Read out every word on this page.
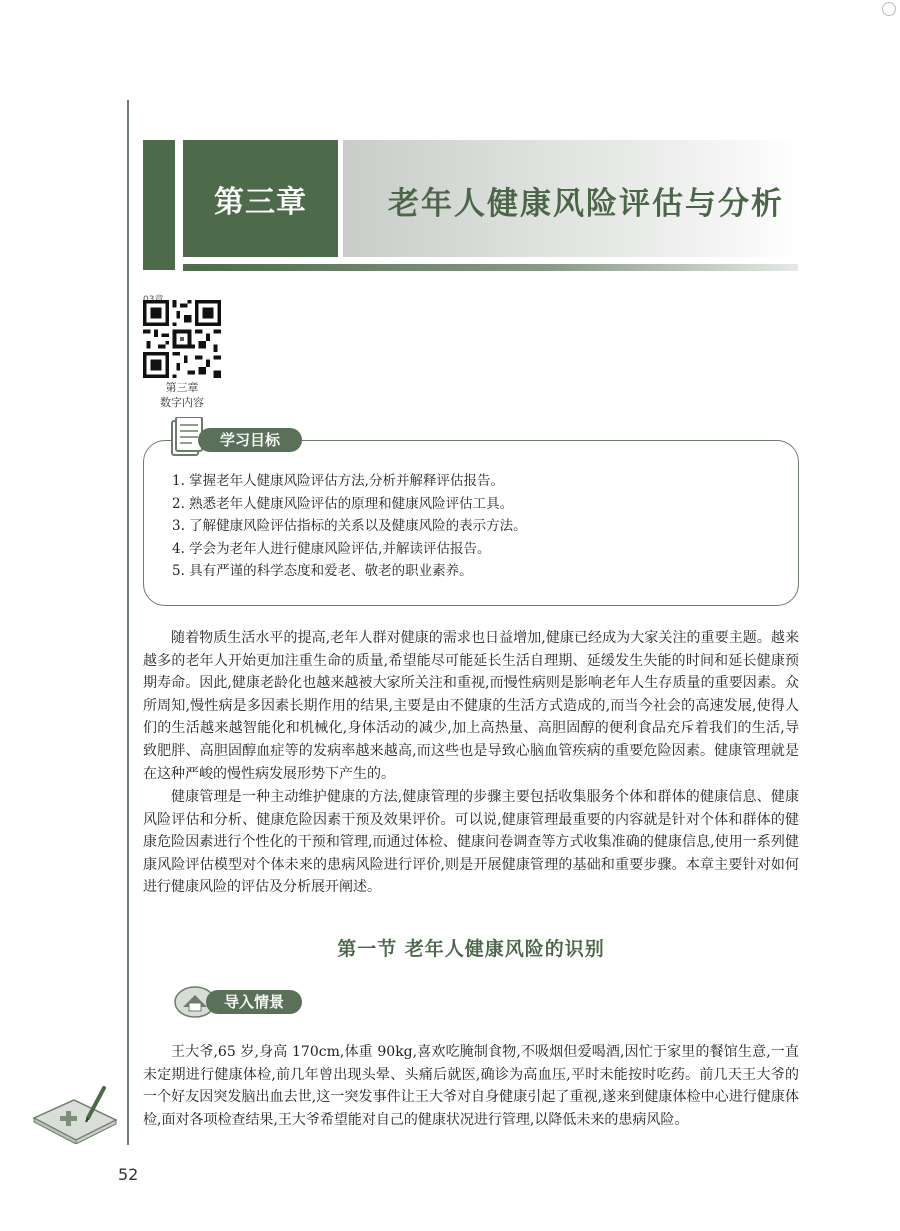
第三章	老年人健康风险评估与分析
第三章
数字内容
学习目标
1. 掌握老年人健康风险评估方法,分析并解释评估报告。
2. 熟悉老年人健康风险评估的原理和健康风险评估工具。
3. 了解健康风险评估指标的关系以及健康风险的表示方法。
4. 学会为老年人进行健康风险评估,并解读评估报告。
5. 具有严谨的科学态度和爱老、敬老的职业素养。

随着物质生活水平的提高,老年人群对健康的需求也日益增加,健康已经成为大家关注的重要主题。越来越多的老年人开始更加注重生命的质量,希望能尽可能延长生活自理期、延缓发生失能的时间和延长健康预期寿命。因此,健康老龄化也越来越被大家所关注和重视,而慢性病则是影响老年人生存质量的重要因素。众所周知,慢性病是多因素长期作用的结果,主要是由不健康的生活方式造成的,而当今社会的高速发展,使得人们的生活越来越智能化和机械化,身体活动的减少,加上高热量、高胆固醇的便利食品充斥着我们的生活,导致肥胖、高胆固醇血症等的发病率越来越高,而这些也是导致心脑血管疾病的重要危险因素。健康管理就是在这种严峻的慢性病发展形势下产生的。

健康管理是一种主动维护健康的方法,健康管理的步骤主要包括收集服务个体和群体的健康信息、健康风险评估和分析、健康危险因素干预及效果评价。可以说,健康管理最重要的内容就是针对个体和群体的健康危险因素进行个性化的干预和管理,而通过体检、健康问卷调查等方式收集准确的健康信息,使用一系列健康风险评估模型对个体未来的患病风险进行评价,则是开展健康管理的基础和重要步骤。本章主要针对如何进行健康风险的评估及分析展开阐述。

第一节 老年人健康风险的识别
导入情景

王大爷,65 岁,身高 170cm,体重 90kg,喜欢吃腌制食物,不吸烟但爱喝酒,因忙于家里的餐馆生意,一直未定期进行健康体检,前几年曾出现头晕、头痛后就医,确诊为高血压,平时未能按时吃药。前几天王大爷的一个好友因突发脑出血去世,这一突发事件让王大爷对自身健康引起了重视,遂来到健康体检中心进行健康体检,面对各项检查结果,王大爷希望能对自己的健康状况进行管理,以降低未来的患病风险。

52
